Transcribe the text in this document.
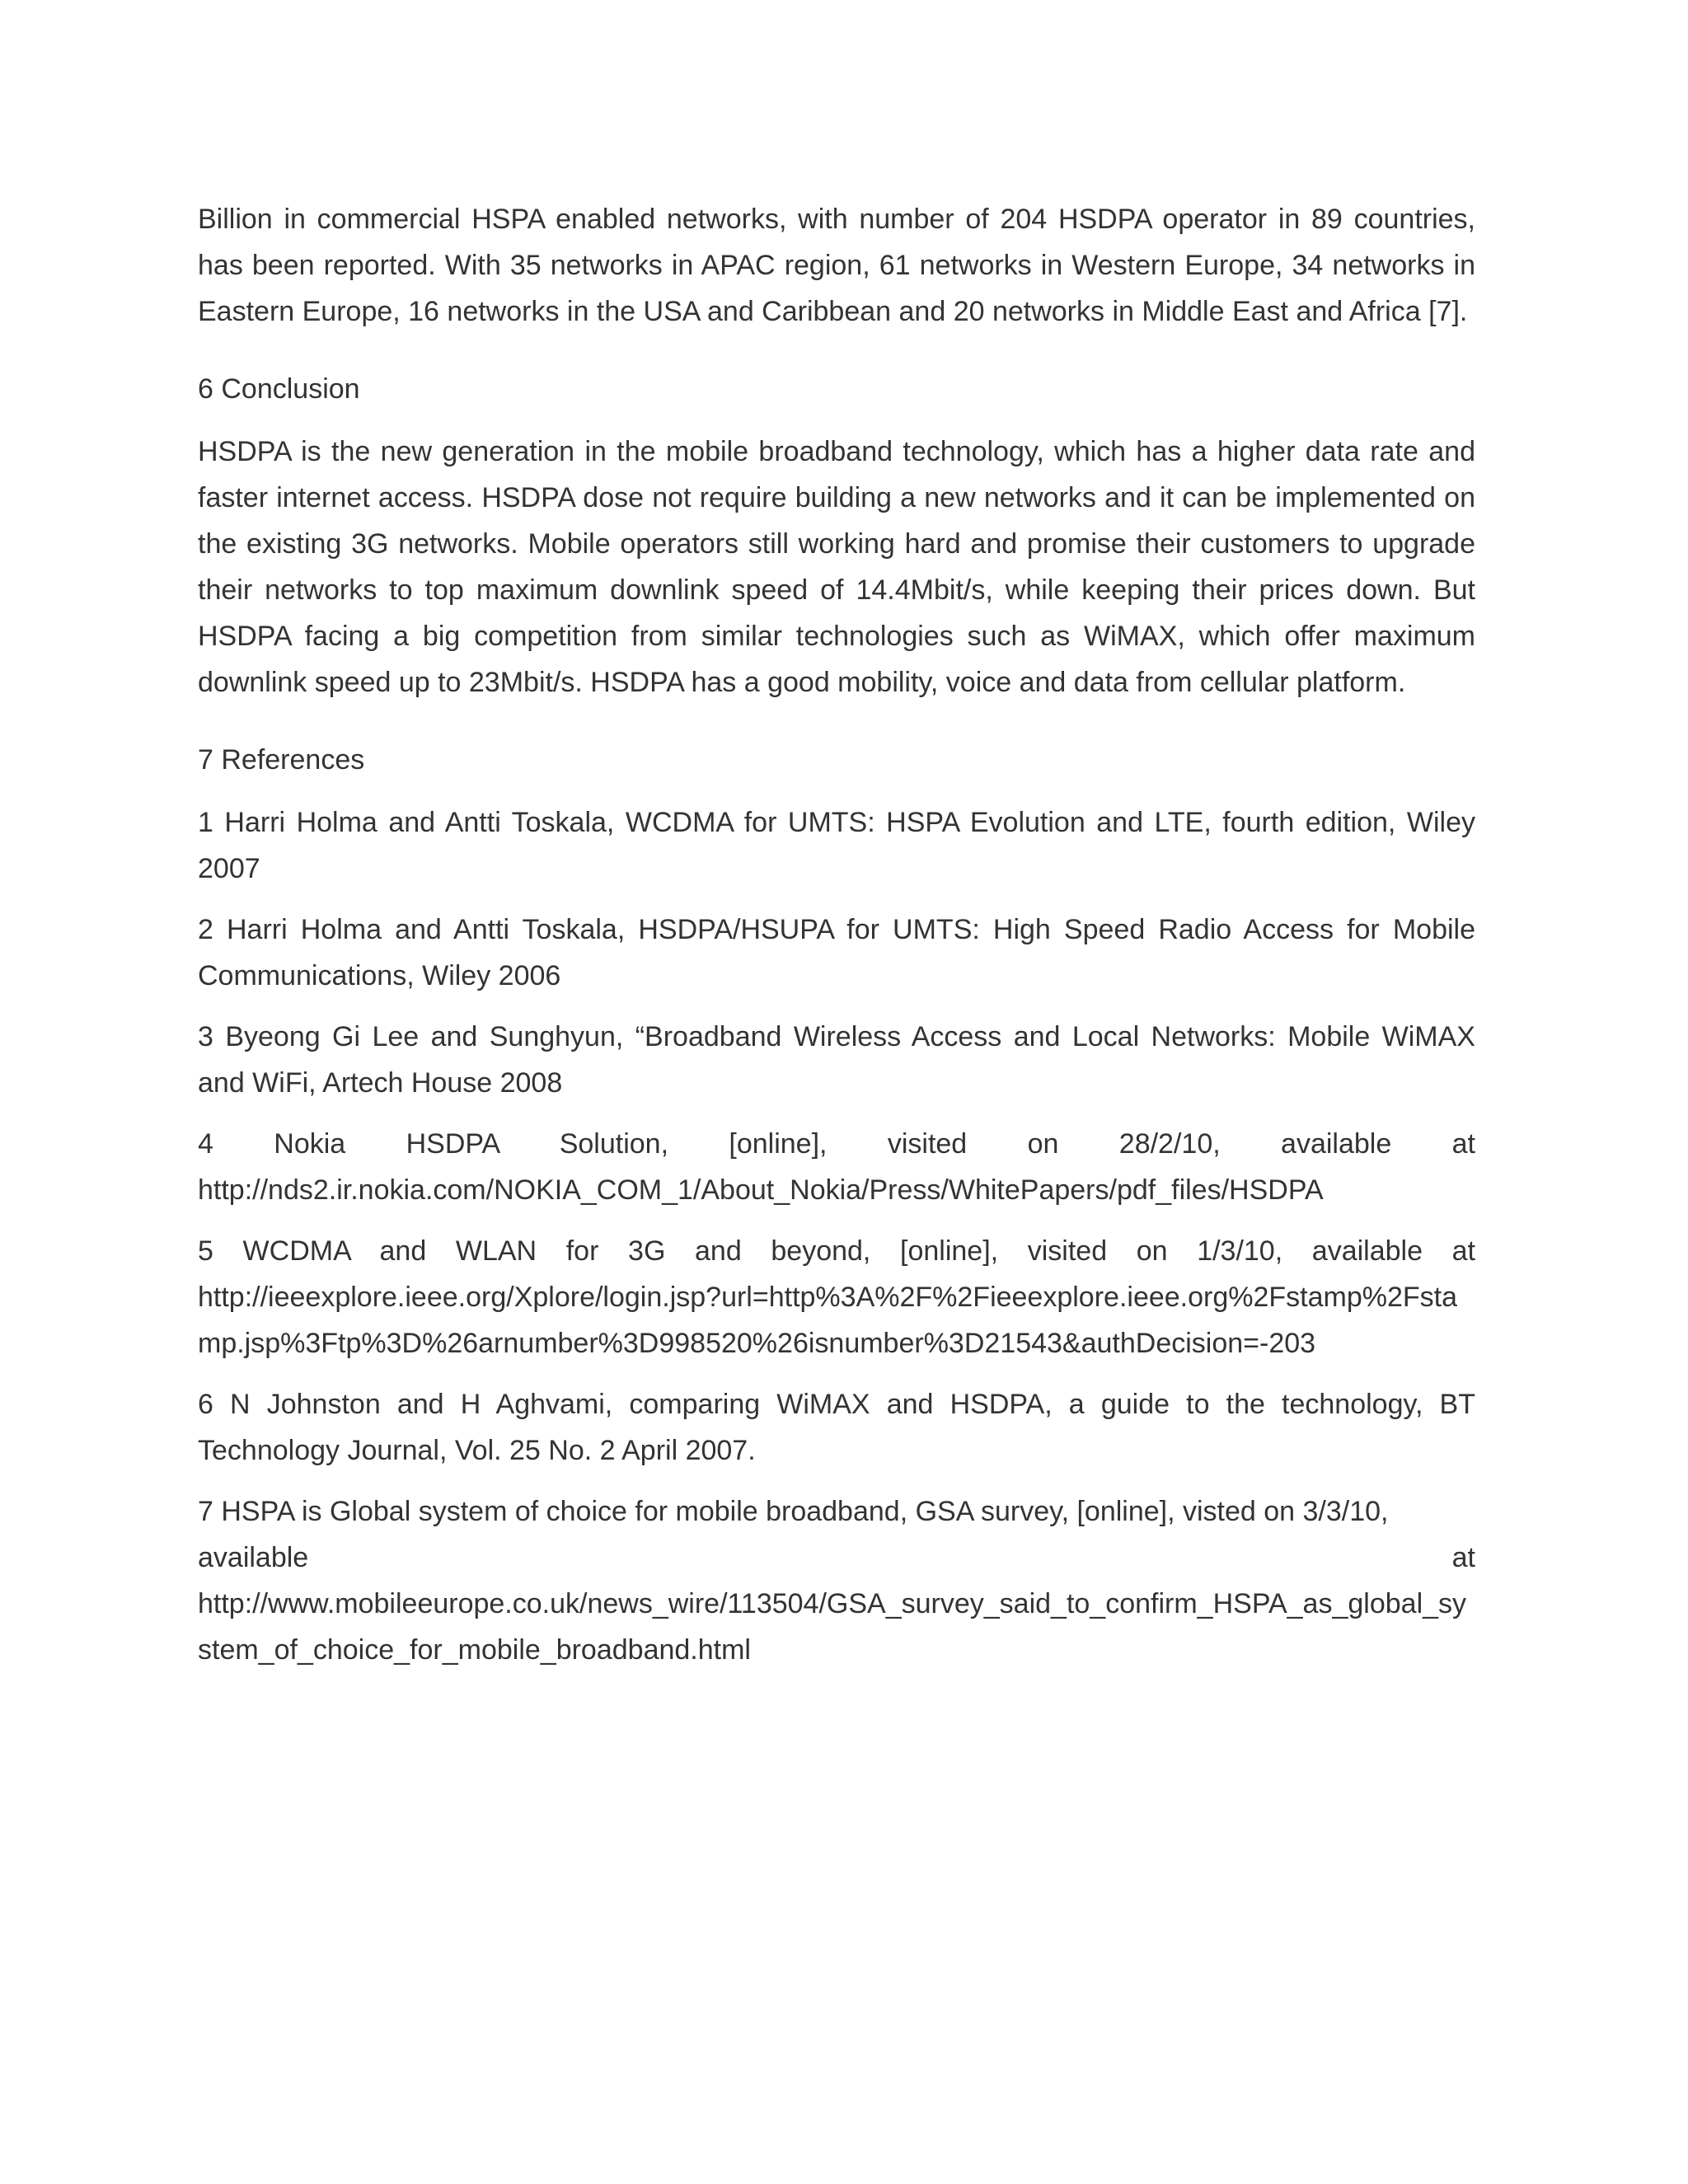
Billion in commercial HSPA enabled networks, with number of 204 HSDPA operator in 89 countries, has been reported. With 35 networks in APAC region, 61 networks in Western Europe, 34 networks in Eastern Europe, 16 networks in the USA and Caribbean and 20 networks in Middle East and Africa [7].

6 Conclusion

HSDPA is the new generation in the mobile broadband technology, which has a higher data rate and faster internet access. HSDPA dose not require building a new networks and it can be implemented on the existing 3G networks. Mobile operators still working hard and promise their customers to upgrade their networks to top maximum downlink speed of 14.4Mbit/s, while keeping their prices down. But HSDPA facing a big competition from similar technologies such as WiMAX, which offer maximum downlink speed up to 23Mbit/s. HSDPA has a good mobility, voice and data from cellular platform.

7 References

1 Harri Holma and Antti Toskala, WCDMA for UMTS: HSPA Evolution and LTE, fourth edition, Wiley 2007

2 Harri Holma and Antti Toskala, HSDPA/HSUPA for UMTS: High Speed Radio Access for Mobile Communications, Wiley 2006

3 Byeong Gi Lee and Sunghyun, “Broadband Wireless Access and Local Networks: Mobile WiMAX and WiFi, Artech House 2008

4 Nokia HSDPA Solution, [online], visited on 28/2/10, available at
http://nds2.ir.nokia.com/NOKIA_COM_1/About_Nokia/Press/WhitePapers/pdf_files/HSDPA
5 WCDMA and WLAN for 3G and beyond, [online], visited on 1/3/10, available at
http://ieeexplore.ieee.org/Xplore/login.jsp?url=http%3A%2F%2Fieeexplore.ieee.org%2Fstamp%2Fstamp.jsp%3Ftp%3D%26arnumber%3D998520%26isnumber%3D21543&authDecision=-203

6 N Johnston and H Aghvami, comparing WiMAX and HSDPA, a guide to the technology, BT Technology Journal, Vol. 25 No. 2 April 2007.

7 HSPA is Global system of choice for mobile broadband, GSA survey, [online], visted on 3/3/10,
available	at
http://www.mobileeurope.co.uk/news_wire/113504/GSA_survey_said_to_confirm_HSPA_as_global_system_of_choice_for_mobile_broadband.html
